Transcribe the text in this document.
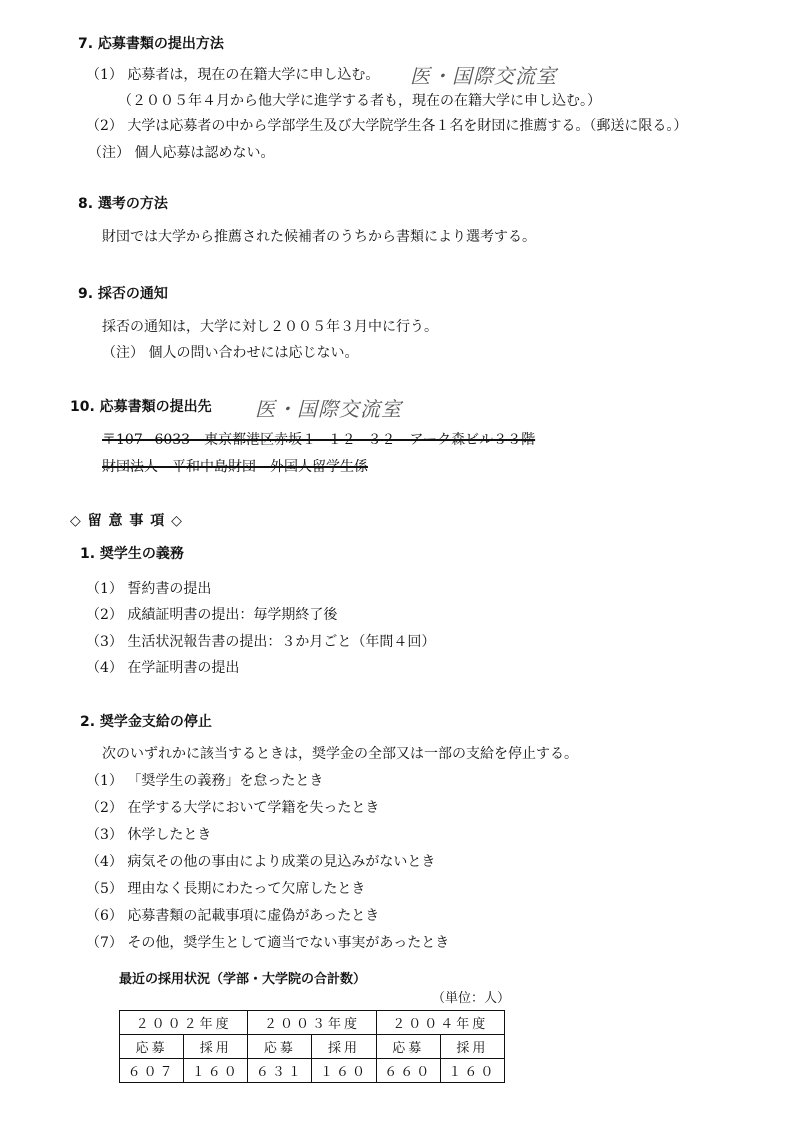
7. 応募書類の提出方法
（1） 応募者は，現在の在籍大学に申し込む。 医・国際交流室
（２００５年４月から他大学に進学する者も，現在の在籍大学に申し込む。）
（2） 大学は応募者の中から学部学生及び大学院学生各１名を財団に推薦する。（郵送に限る。）
（注） 個人応募は認めない。
8. 選考の方法
財団では大学から推薦された候補者のうちから書類により選考する。
9. 採否の通知
採否の通知は，大学に対し２００５年３月中に行う。
（注） 個人の問い合わせには応じない。
10. 応募書類の提出先 医・国際交流室
〒107−6033　東京都港区赤坂１−１２−３２　アーク森ビル３３階
財団法人　平和中島財団　外国人留学生係
◇ 留 意 事 項 ◇
1. 奨学生の義務
（1） 誓約書の提出
（2） 成績証明書の提出：毎学期終了後
（3） 生活状況報告書の提出：３か月ごと（年間４回）
（4） 在学証明書の提出
2. 奨学金支給の停止
次のいずれかに該当するときは，奨学金の全部又は一部の支給を停止する。
（1） 「奨学生の義務」を怠ったとき
（2） 在学する大学において学籍を失ったとき
（3） 休学したとき
（4） 病気その他の事由により成業の見込みがないとき
（5） 理由なく長期にわたって欠席したとき
（6） 応募書類の記載事項に虚偽があったとき
（7） その他，奨学生として適当でない事実があったとき
最近の採用状況（学部・大学院の合計数）
（単位：人）
２００２年度		２００３年度		２００４年度	
応募	採用	応募	採用	応募	採用
６０７	１６０	６３１	１６０	６６０	１６０
